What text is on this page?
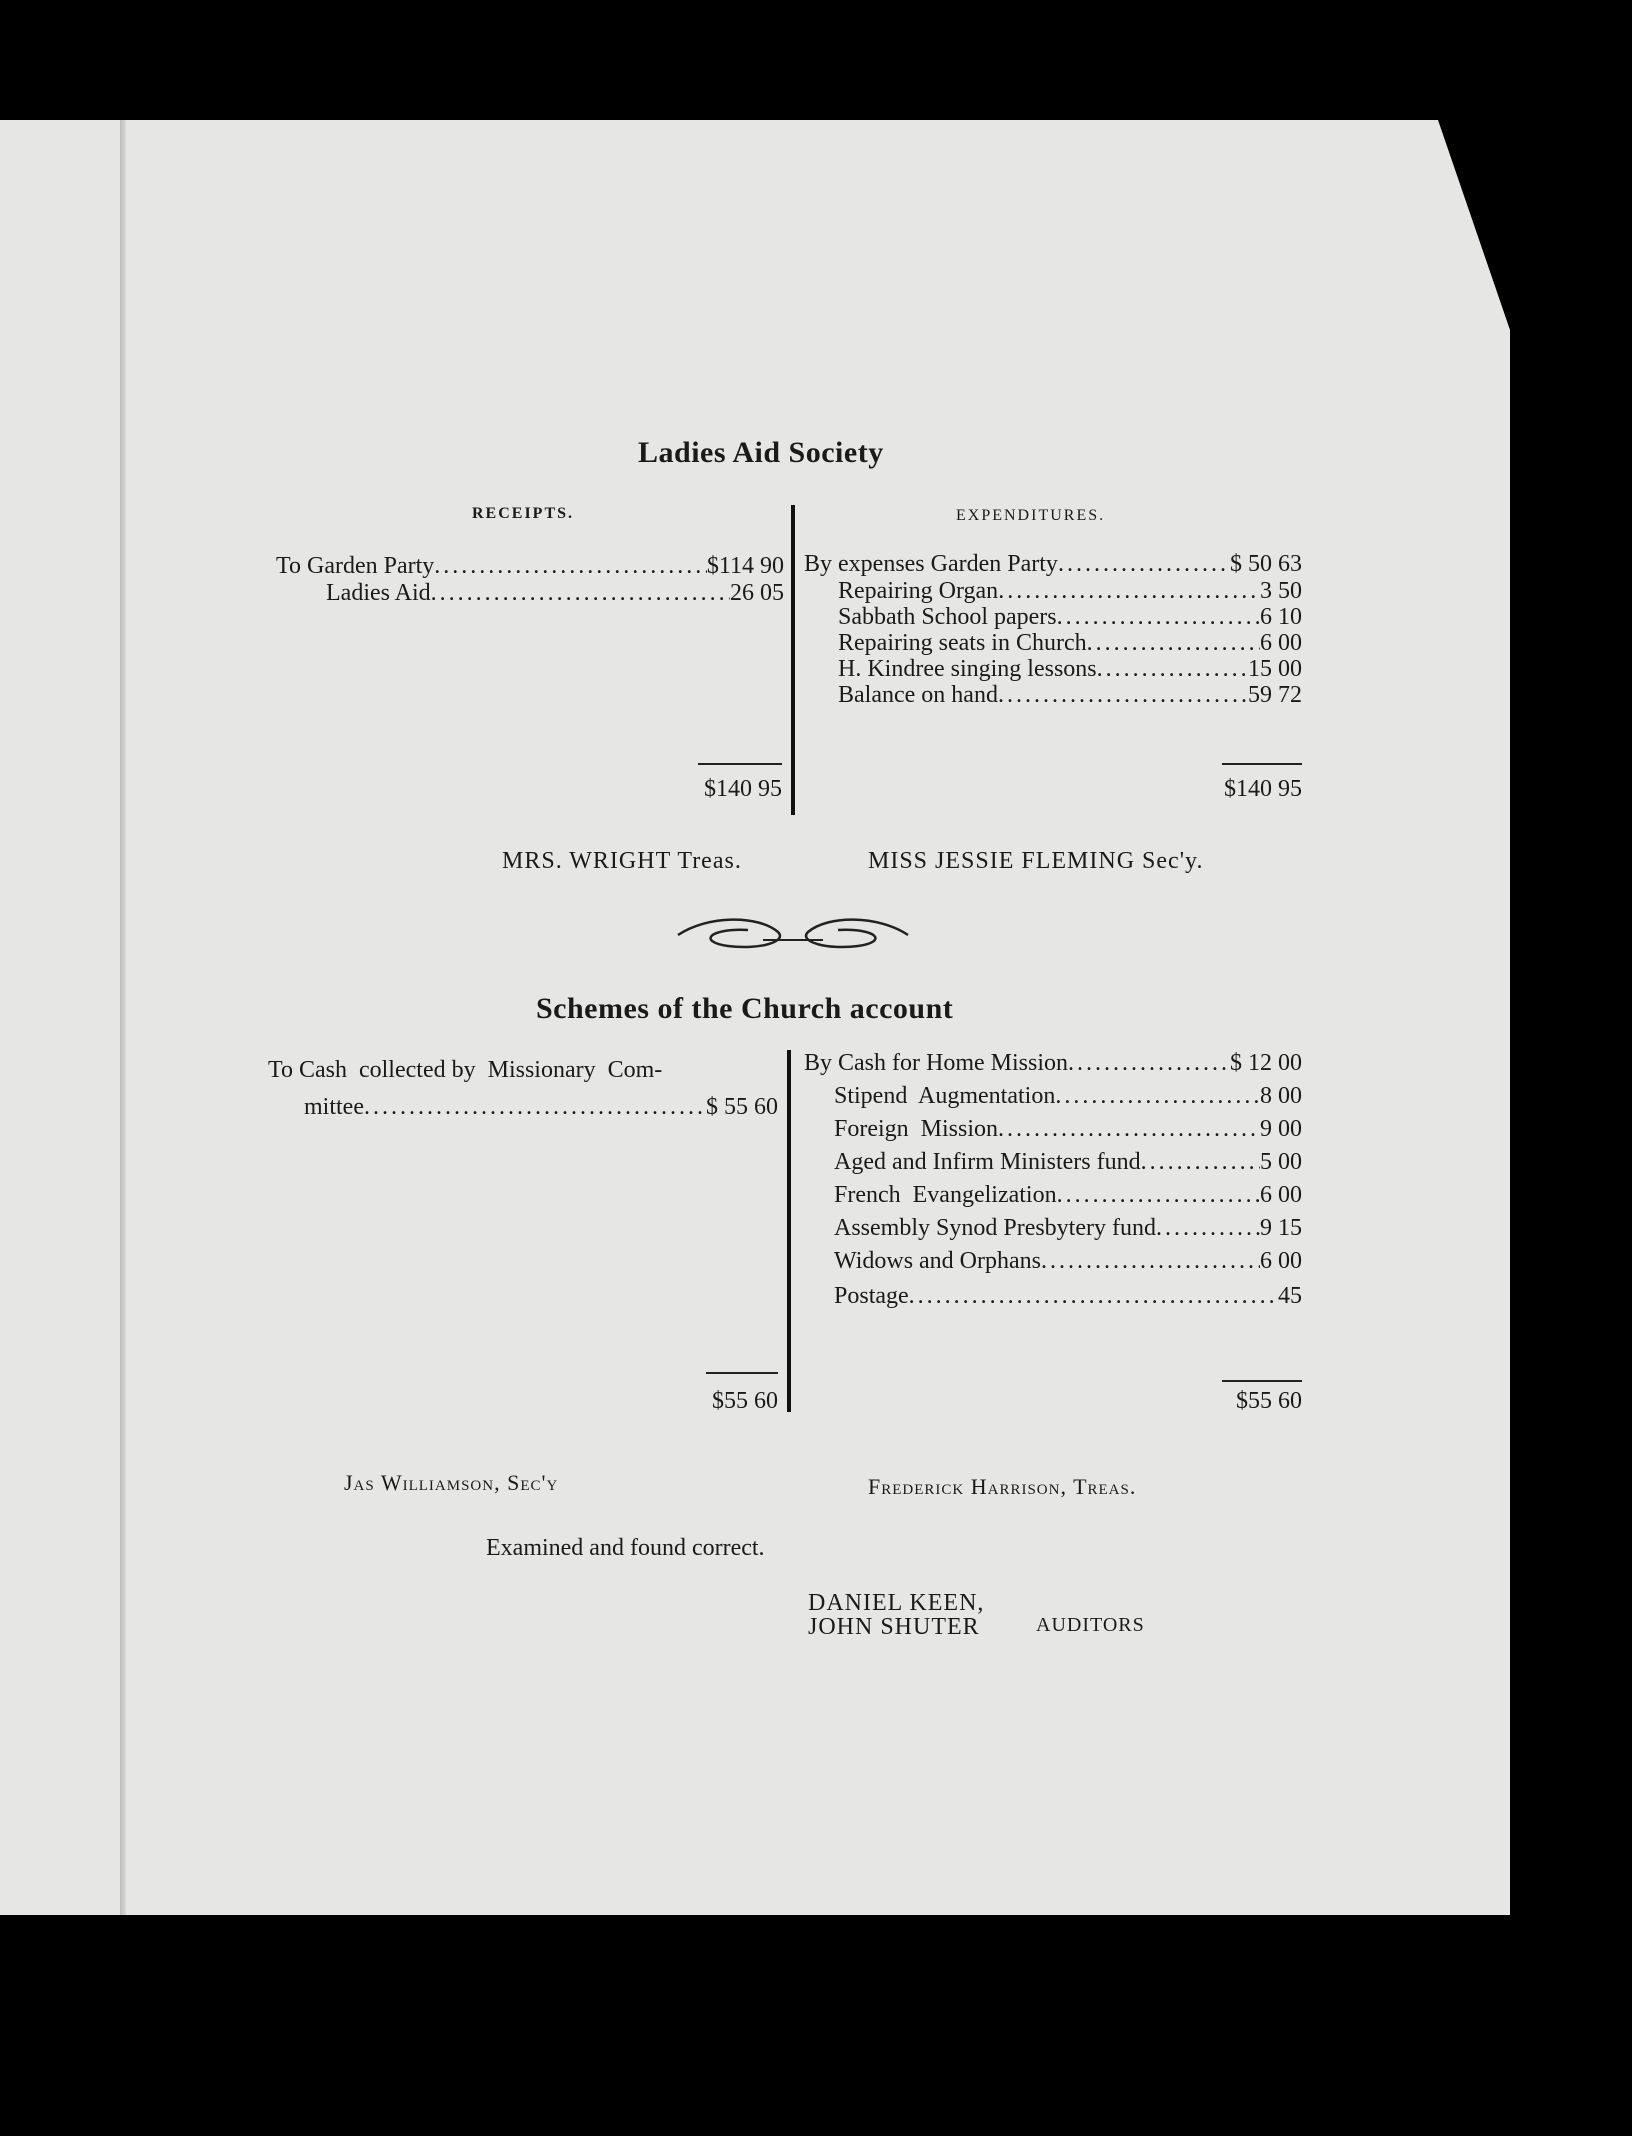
Ladies Aid Society
RECEIPTS.	EXPENDITURES.
To Garden Party .....	$114 90
Ladies Aid .....	26 05
By expenses Garden Party .....	$ 50 63
Repairing Organ .....	3 50
Sabbath School papers .....	6 10
Repairing seats in Church .....	6 00
H. Kindree singing lessons .....	15 00
Balance on hand .....	59 72
$140 95	$140 95
MRS. WRIGHT Treas.	MISS JESSIE FLEMING Sec'y.
Schemes of the Church account
To Cash  collected by  Missionary  Com-
mittee .....	$ 55 60
By Cash for Home Mission .....	$ 12 00
Stipend  Augmentation .....	8 00
Foreign  Mission .....	9 00
Aged and Infirm Ministers fund .....	5 00
French  Evangelization .....	6 00
Assembly Synod Presbytery fund .....	9 15
Widows and Orphans .....	6 00
Postage .....	45
$55 60	$55 60
Jas Williamson, Sec'y	Frederick Harrison, Treas.
Examined and found correct.
DANIEL KEEN,
JOHN SHUTER	AUDITORS
